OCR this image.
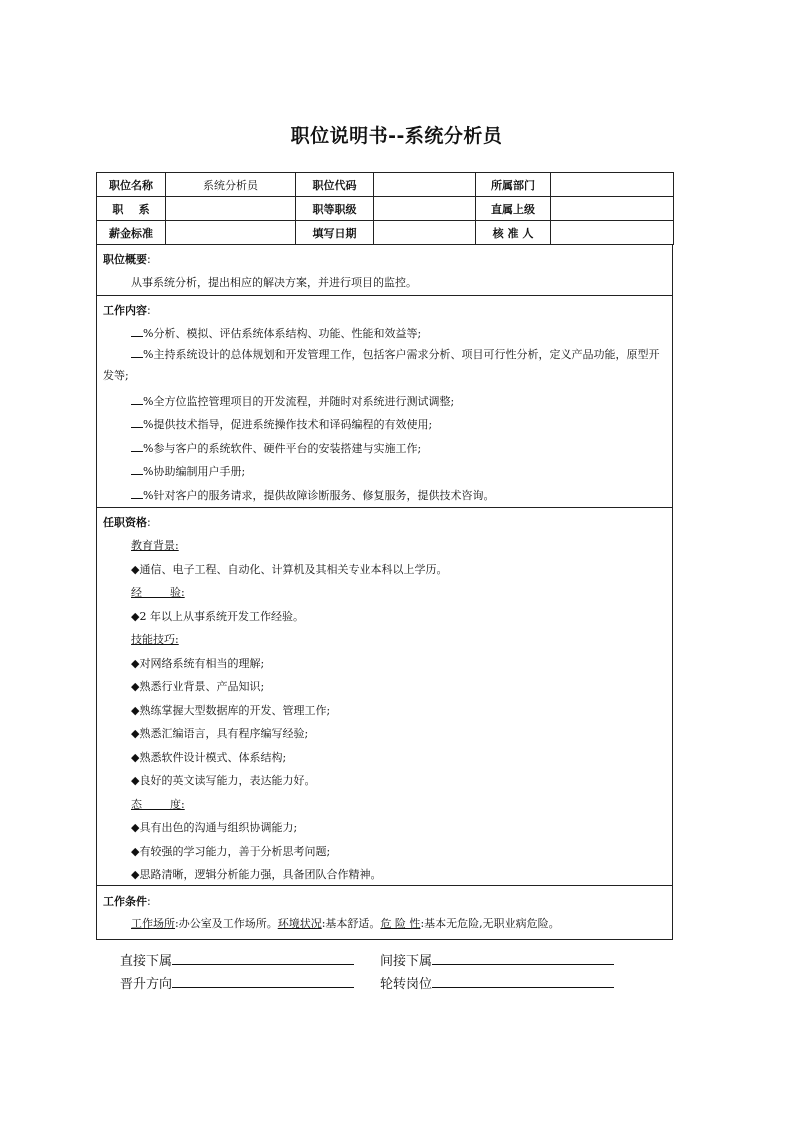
职位说明书--系统分析员
职位名称	系统分析员	职位代码		所属部门	
职    系		职等职级		直属上级	
薪金标准		填写日期		核 准 人	
职位概要:
从事系统分析，提出相应的解决方案，并进行项目的监控。
工作内容:
%分析、模拟、评估系统体系结构、功能、性能和效益等;
%主持系统设计的总体规划和开发管理工作，包括客户需求分析、项目可行性分析，定义产品功能，原型开发等;
%全方位监控管理项目的开发流程，并随时对系统进行测试调整;
%提供技术指导，促进系统操作技术和译码编程的有效使用;
%参与客户的系统软件、硬件平台的安装搭建与实施工作;
%协助编制用户手册;
%针对客户的服务请求，提供故障诊断服务、修复服务，提供技术咨询。
任职资格:
教育背景:
◆通信、电子工程、自动化、计算机及其相关专业本科以上学历。
经        验:
◆2 年以上从事系统开发工作经验。
技能技巧:
◆对网络系统有相当的理解;
◆熟悉行业背景、产品知识;
◆熟练掌握大型数据库的开发、管理工作;
◆熟悉汇编语言，具有程序编写经验;
◆熟悉软件设计模式、体系结构;
◆良好的英文读写能力，表达能力好。
态        度:
◆具有出色的沟通与组织协调能力;
◆有较强的学习能力，善于分析思考问题;
◆思路清晰，逻辑分析能力强，具备团队合作精神。
工作条件:
工作场所:办公室及工作场所。环境状况:基本舒适。危 险 性:基本无危险,无职业病危险。
直接下属	间接下属
晋升方向	轮转岗位
